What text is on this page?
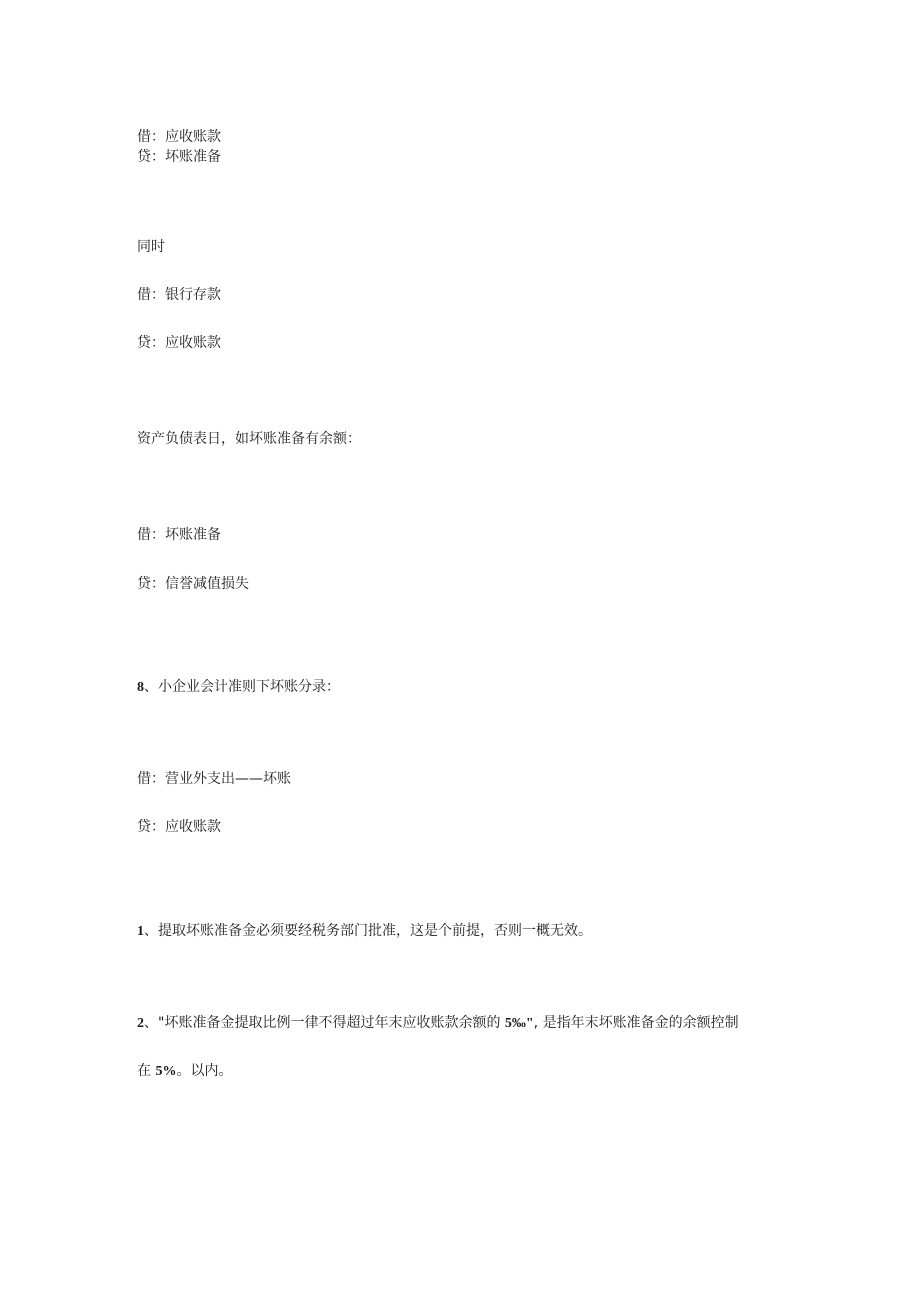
借：应收账款

贷：坏账准备

同时

借：银行存款

贷：应收账款

资产负债表日，如坏账准备有余额：

借：坏账准备

贷：信誉减值损失

8、小企业会计准则下坏账分录：

借：营业外支出——坏账

贷：应收账款

1、提取坏账准备金必须要经税务部门批准，这是个前提，否则一概无效。

2、"坏账准备金提取比例一律不得超过年末应收账款余额的 5‰", 是指年末坏账准备金的余额控制

在 5%。以内。
